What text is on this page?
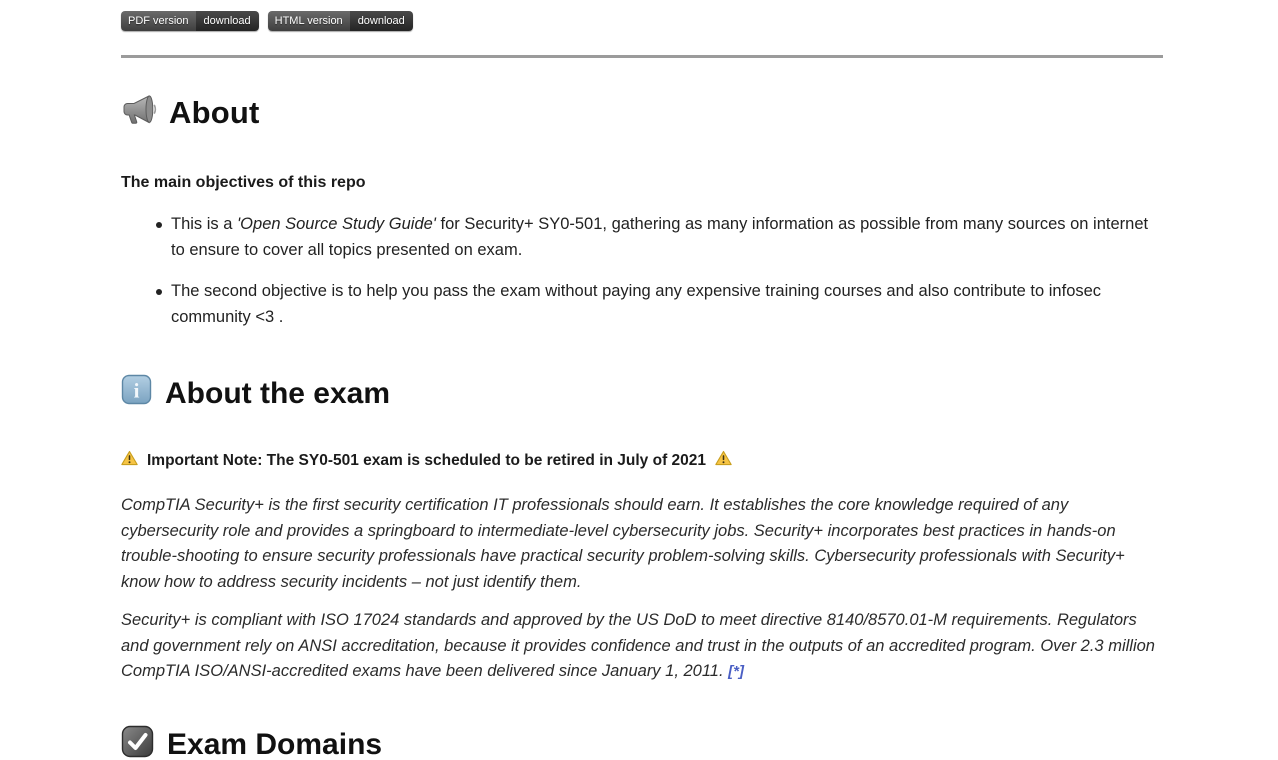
PDF version	download	HTML version	download
About

The main objectives of this repo

This is a 'Open Source Study Guide' for Security+ SY0-501, gathering as many information as possible from many sources on internet to ensure to cover all topics presented on exam.
The second objective is to help you pass the exam without paying any expensive training courses and also contribute to infosec community <3 .
i About the exam
Important Note: The SY0-501 exam is scheduled to be retired in July of 2021

CompTIA Security+ is the first security certification IT professionals should earn. It establishes the core knowledge required of any cybersecurity role and provides a springboard to intermediate-level cybersecurity jobs. Security+ incorporates best practices in hands-on trouble-shooting to ensure security professionals have practical security problem-solving skills. Cybersecurity professionals with Security+ know how to address security incidents – not just identify them.

Security+ is compliant with ISO 17024 standards and approved by the US DoD to meet directive 8140/8570.01-M requirements. Regulators and government rely on ANSI accreditation, because it provides confidence and trust in the outputs of an accredited program. Over 2.3 million CompTIA ISO/ANSI-accredited exams have been delivered since January 1, 2011. [*]

Exam Domains
